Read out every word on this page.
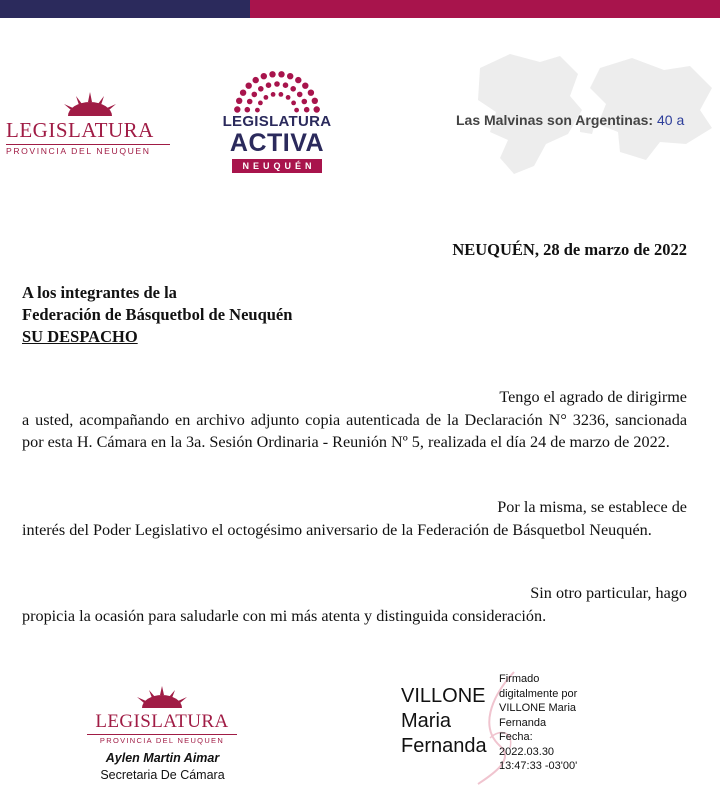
LEGISLATURA
PROVINCIA DEL NEUQUEN
LEGISLATURA
ACTIVA
NEUQUÉN
Las Malvinas son Argentinas: 40 a
NEUQUÉN, 28 de marzo de 2022
A los integrantes de la
Federación de Básquetbol de Neuquén
SU DESPACHO
Tengo el agrado de dirigirme
a usted, acompañando en archivo adjunto copia autenticada de la Declaración N° 3236, sancionada por esta H. Cámara en la 3a. Sesión Ordinaria - Reunión Nº 5, realizada el día 24 de marzo de 2022.
Por la misma, se establece de
interés del Poder Legislativo el octogésimo aniversario de la Federación de Básquetbol Neuquén.
Sin otro particular, hago
propicia la ocasión para saludarle con mi más atenta y distinguida consideración.
LEGISLATURA
PROVINCIA DEL NEUQUEN
Aylen Martin Aimar
Secretaria De Cámara
VILLONE
Maria
Fernanda
Firmado
digitalmente por
VILLONE Maria
Fernanda
Fecha:
2022.03.30
13:47:33 -03'00'
